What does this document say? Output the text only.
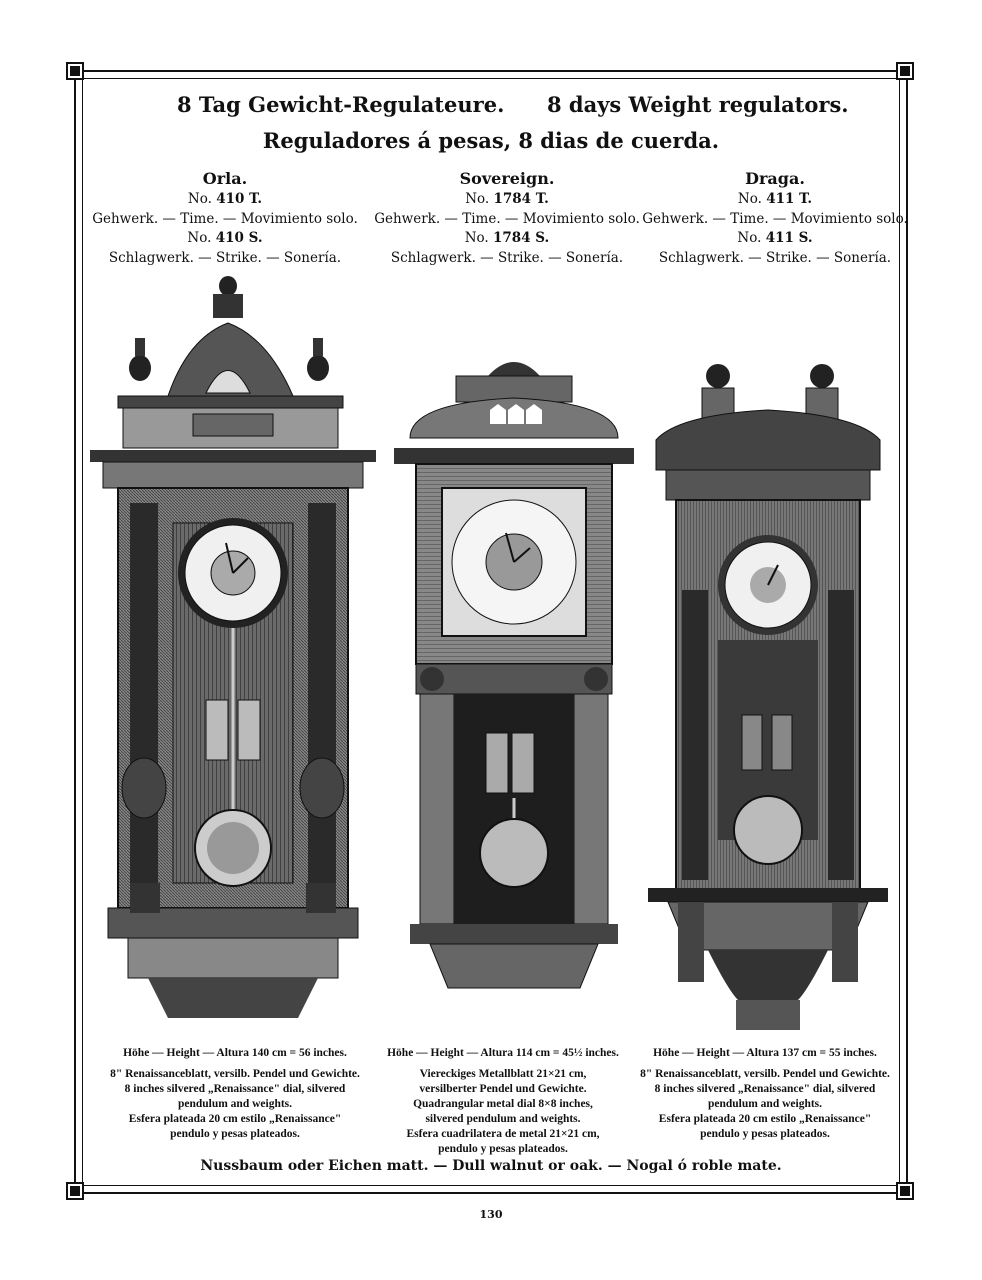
8 Tag Gewicht-Regulateure. 8 days Weight regulators.
Reguladores á pesas, 8 dias de cuerda.
Orla.
No. 410 T.
Gehwerk. — Time. — Movimiento solo.
No. 410 S.
Schlagwerk. — Strike. — Sonería.
Sovereign.
No. 1784 T.
Gehwerk. — Time. — Movimiento solo.
No. 1784 S.
Schlagwerk. — Strike. — Sonería.
Draga.
No. 411 T.
Gehwerk. — Time. — Movimiento solo.
No. 411 S.
Schlagwerk. — Strike. — Sonería.
Höhe — Height — Altura 140 cm = 56 inches.
8" Renaissanceblatt, versilb. Pendel und Gewichte.
8 inches silvered „Renaissance" dial, silvered
pendulum and weights.
Esfera plateada 20 cm estilo „Renaissance"
pendulo y pesas plateados.
Höhe — Height — Altura 114 cm = 45½ inches.
Viereckiges Metallblatt 21×21 cm,
versilberter Pendel und Gewichte.
Quadrangular metal dial 8×8 inches,
silvered pendulum and weights.
Esfera cuadrilatera de metal 21×21 cm,
pendulo y pesas plateados.
Höhe — Height — Altura 137 cm = 55 inches.
8" Renaissanceblatt, versilb. Pendel und Gewichte.
8 inches silvered „Renaissance" dial, silvered
pendulum and weights.
Esfera plateada 20 cm estilo „Renaissance"
pendulo y pesas plateados.
Nussbaum oder Eichen matt. — Dull walnut or oak. — Nogal ó roble mate.
130
